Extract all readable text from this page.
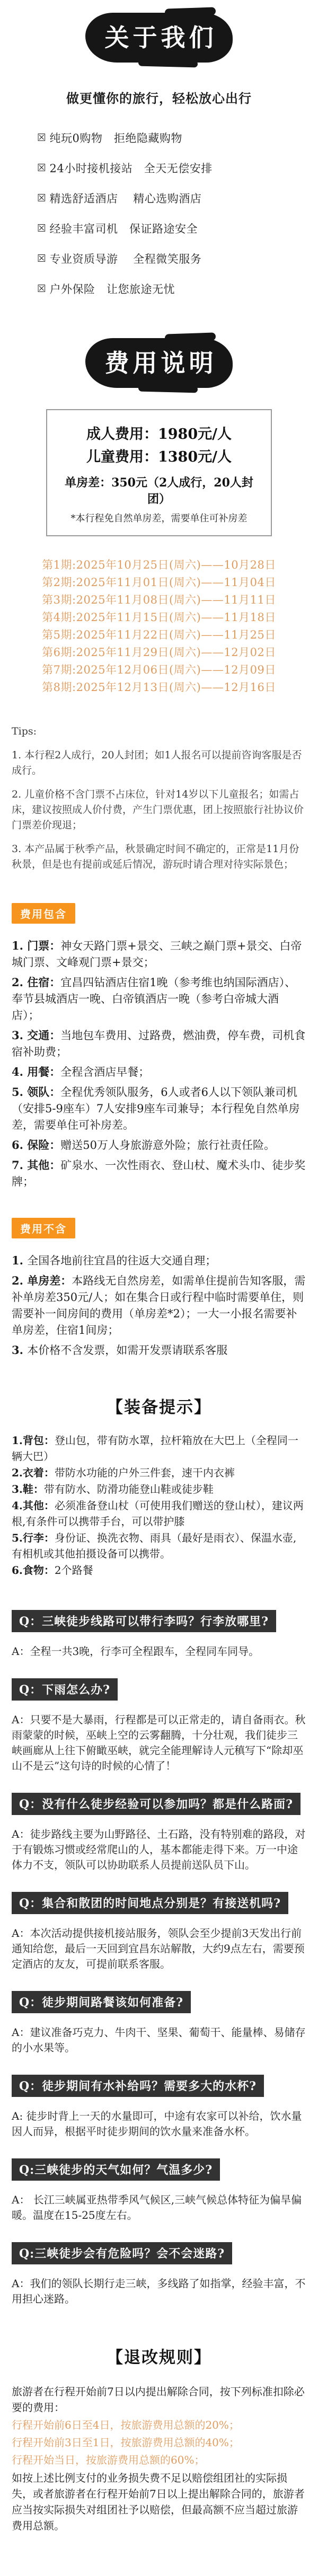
关于我们

做更懂你的旅行，轻松放心出行

☒ 纯玩0购物　拒绝隐藏购物
☒ 24小时接机接站　全天无偿安排
☒ 精选舒适酒店　 精心选购酒店
☒ 经验丰富司机　保证路途安全
☒ 专业资质导游　 全程微笑服务
☒ 户外保险　让您旅途无忧
费用说明

成人费用：1980元/人

儿童费用：1380元/人

单房差：350元（2人成行，20人封团）

*本行程免自然单房差，需要单住可补房差

第1期:2025年10月25日(周六)——10月28日
第2期:2025年11月01日(周六)——11月04日
第3期:2025年11月08日(周六)——11月11日
第4期:2025年11月15日(周六)——11月18日
第5期:2025年11月22日(周六)——11月25日
第6期:2025年11月29日(周六)——12月02日
第7期:2025年12月06日(周六)——12月09日
第8期:2025年12月13日(周六)——12月16日

Tips:

1. 本行程2人成行，20人封团；如1人报名可以提前咨询客服是否成行。

2. 儿童价格不含门票不占床位，针对14岁以下儿童报名；如需占床，建议按照成人价付费，产生门票优惠，团上按照旅行社协议价门票差价现退；

3. 本产品属于秋季产品，秋景确定时间不确定的，正常是11月份秋景，但是也有提前或延后情况，游玩时请合理对待实际景色；

费用包含

1. 门票：神女天路门票+景交、三峡之巅门票+景交、白帝城门票、文峰观门票+景交；

2. 住宿：宜昌四钻酒店住宿1晚（参考维也纳国际酒店）、奉节县城酒店一晚、白帝镇酒店一晚（参考白帝城大酒店）；

3. 交通：当地包车费用、过路费，燃油费，停车费，司机食宿补助费；

4. 用餐：全程含酒店早餐；

5. 领队：全程优秀领队服务，6人或者6人以下领队兼司机（安排5-9座车）7人安排9座车司兼导；本行程免自然单房差，需要单住可补房差。

6. 保险：赠送50万人身旅游意外险；旅行社责任险。

7. 其他：矿泉水、一次性雨衣、登山杖、魔术头巾、徒步奖牌；

费用不含

1. 全国各地前往宜昌的往返大交通自理；

2. 单房差：本路线无自然房差，如需单住提前告知客服，需补单房差350元/人；如在集合日或行程中临时需要单住，则需要补一间房间的费用（单房差*2）；一大一小报名需要补单房差，住宿1间房；

3. 本价格不含发票，如需开发票请联系客服

【装备提示】

1.背包：登山包，带有防水罩，拉杆箱放在大巴上（全程同一辆大巴）

2.衣着：带防水功能的户外三件套，速干内衣裤

3.鞋：带有防水、防滑功能登山鞋或徒步鞋

4.其他：必须准备登山杖（可使用我们赠送的登山杖），建议两根,有条件可以携带手台，可以带护膝

5.行李：身份证、换洗衣物、雨具（最好是雨衣）、保温水壶,有相机或其他拍摄设备可以携带。

6.食物：2个路餐

Q：三峡徒步线路可以带行李吗？行李放哪里?

A：全程一共3晚，行李可全程跟车，全程同车同导。

Q：下雨怎么办?

A：只要不是大暴雨，行程都是可以正常走的，请自备雨衣。秋雨蒙蒙的时候，巫峡上空的云雾翻腾，十分壮观，我们徒步三峡画廊从上往下俯瞰巫峡，就完全能理解诗人元稹写下“除却巫山不是云”这句诗的时候的心情了！

Q：没有什么徒步经验可以参加吗？都是什么路面?

A：徒步路线主要为山野路径、土石路，没有特别难的路段，对于有锻炼习惯或经常爬山的人，基本都能走得下来。万一中途体力不支，领队可以协助联系人员提前送队员下山。

Q：集合和散团的时间地点分别是？有接送机吗?

A：本次活动提供接机接站服务，领队会至少提前3天发出行前通知给您，最后一天回到宜昌东站解散，大约9点左右，需要预定酒店的友友，可提前联系客服。

Q：徒步期间路餐该如何准备?

A：建议准备巧克力、牛肉干、坚果、葡萄干、能量棒、易储存的小水果等。

Q：徒步期间有水补给吗？需要多大的水杯?

A: 徒步时背上一天的水量即可，中途有农家可以补给，饮水量因人而异，根据平时徒步期间的饮水量来准备水杯。

Q:三峡徒步的天气如何？气温多少?

A： 长江三峡属亚热带季风气候区,三峡气候总体特征为偏旱偏暖。温度在15-25度左右。

Q:三峡徒步会有危险吗？会不会迷路?

A：我们的领队长期行走三峡，多线路了如指掌，经验丰富，不用担心迷路。

【退改规则】

旅游者在行程开始前7日以内提出解除合同，按下列标准扣除必要的费用：

行程开始前6日至4日，按旅游费用总额的20%；
行程开始前3日至1日，按旅游费用总额的40%；
行程开始当日，按旅游费用总额的60%；

如按上述比例支付的业务损失费不足以赔偿组团社的实际损失，或者旅游者在行程开始前7日以上提出解除合同的，旅游者应当按实际损失对组团社予以赔偿，但最高额不应当超过旅游费用总额。
